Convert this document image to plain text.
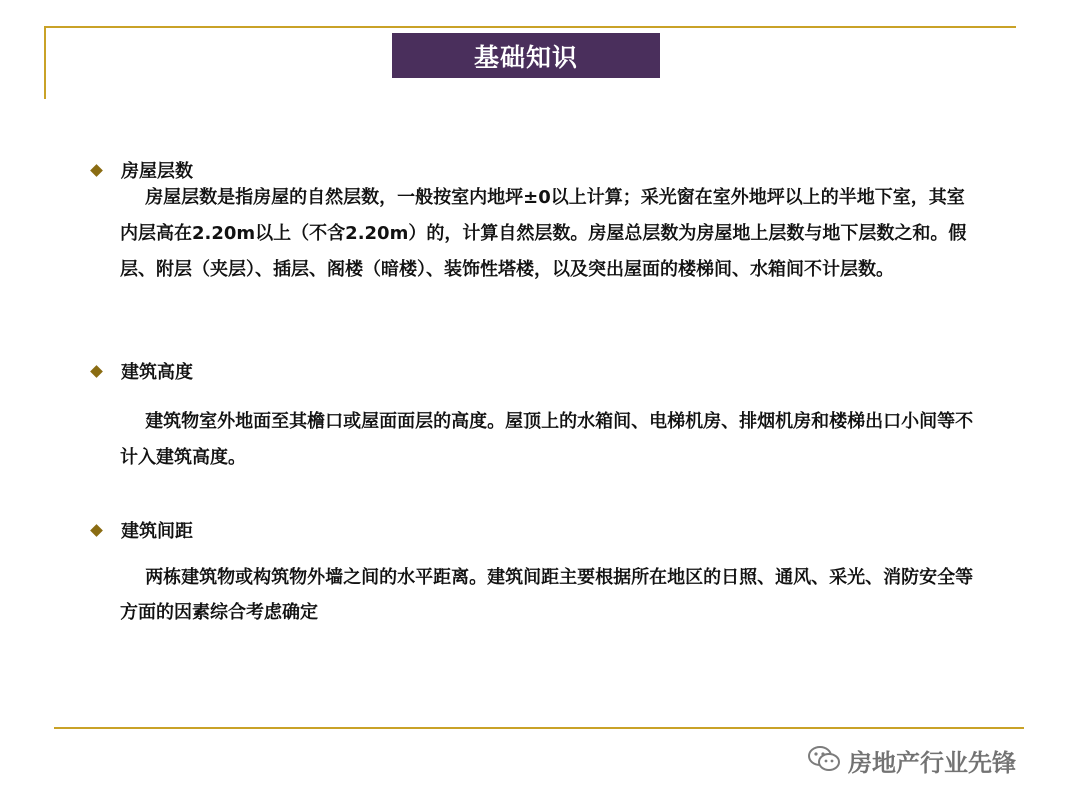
基础知识
房屋层数
房屋层数是指房屋的自然层数，一般按室内地坪±0以上计算；采光窗在室外地坪以上的半地下室，其室内层高在2.20m以上（不含2.20m）的，计算自然层数。房屋总层数为房屋地上层数与地下层数之和。假层、附层（夹层）、插层、阁楼（暗楼）、装饰性塔楼，以及突出屋面的楼梯间、水箱间不计层数。
建筑高度
建筑物室外地面至其檐口或屋面面层的高度。屋顶上的水箱间、电梯机房、排烟机房和楼梯出口小间等不计入建筑高度。
建筑间距
两栋建筑物或构筑物外墙之间的水平距离。建筑间距主要根据所在地区的日照、通风、采光、消防安全等方面的因素综合考虑确定
房地产行业先锋
